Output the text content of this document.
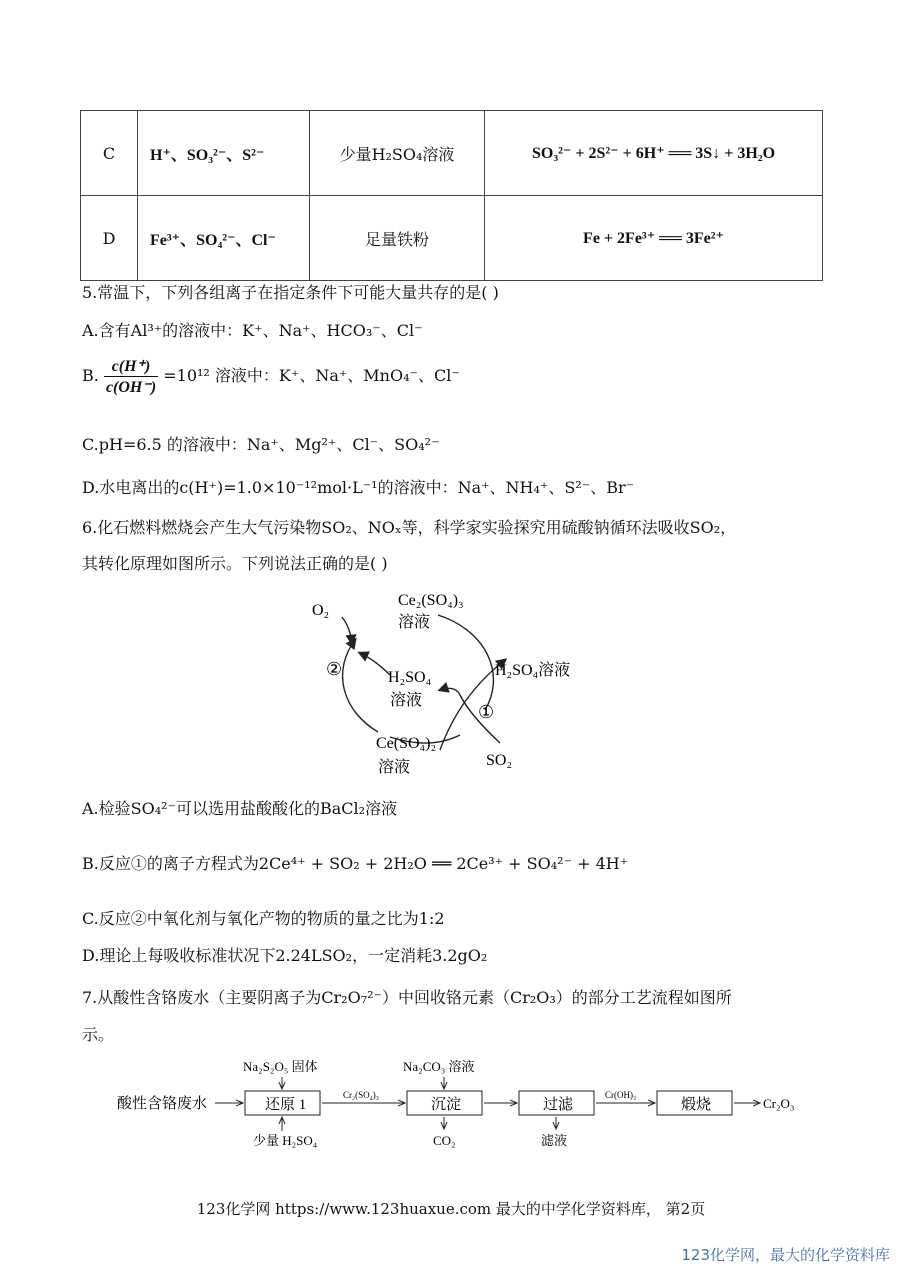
C	H⁺、SO₃²⁻、S²⁻	少量H₂SO₄溶液	SO₃²⁻ + 2S²⁻ + 6H⁺ ══ 3S↓ + 3H₂O
D	Fe³⁺、SO₄²⁻、Cl⁻	足量铁粉	Fe + 2Fe³⁺ ══ 3Fe²⁺
5.常温下，下列各组离子在指定条件下可能大量共存的是( )
A.含有Al³⁺的溶液中：K⁺、Na⁺、HCO₃⁻、Cl⁻
B. $\frac{c(H^+)}{c(OH^-)} =10^{12}$ 溶液中：K⁺、Na⁺、MnO₄⁻、Cl⁻
C.pH=6.5 的溶液中：Na⁺、Mg²⁺、Cl⁻、SO₄²⁻
D.水电离出的c(H⁺)=1.0×10⁻¹²mol·L⁻¹的溶液中：Na⁺、NH₄⁺、S²⁻、Br⁻
6.化石燃料燃烧会产生大气污染物SO₂、NOₓ等，科学家实验探究用硫酸钠循环法吸收SO₂，
其转化原理如图所示。下列说法正确的是( )
Ce₂(SO₄)₃
溶液
O₂
②	H₂SO₄
溶液
H₂SO₄溶液
①
Ce(SO₄)₂
溶液	SO₂
A.检验SO₄²⁻可以选用盐酸酸化的BaCl₂溶液
B.反应①的离子方程式为2Ce⁴⁺ + SO₂ + 2H₂O ══ 2Ce³⁺ + SO₄²⁻ + 4H⁺
C.反应②中氧化剂与氧化产物的物质的量之比为1:2
D.理论上每吸收标准状况下2.24LSO₂，一定消耗3.2gO₂
7.从酸性含铬废水（主要阴离子为Cr₂O₇²⁻）中回收铬元素（Cr₂O₃）的部分工艺流程如图所
示。
酸性含铬废水	还原 1
Na₂S₂O₅ 固体
少量 H₂SO₄
Cr₂(SO₄)₃
沉淀
Na₂CO₃ 溶液
CO₂
过滤
滤液
Cr(OH)₃
煅烧	Cr₂O₃
123化学网 https://www.123huaxue.com 最大的中学化学资料库， 第2页
123化学网，最大的化学资料库
